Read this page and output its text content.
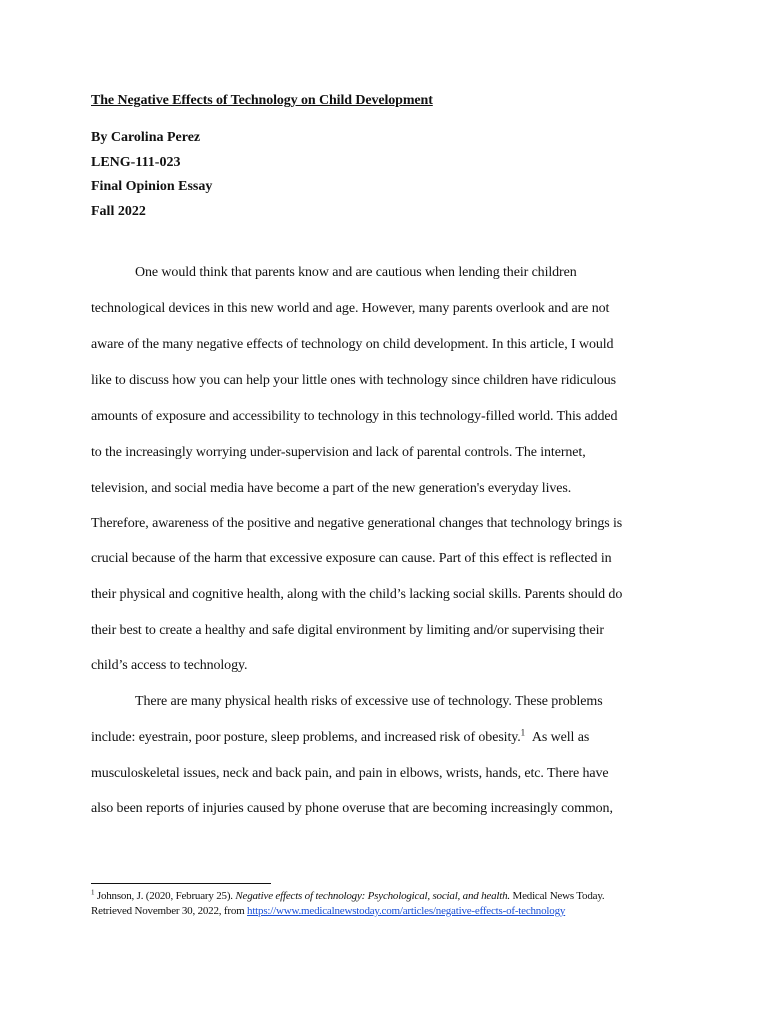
The Negative Effects of Technology on Child Development
By Carolina Perez
LENG-111-023
Final Opinion Essay
Fall 2022
One would think that parents know and are cautious when lending their children
technological devices in this new world and age. However, many parents overlook and are not
aware of the many negative effects of technology on child development. In this article, I would
like to discuss how you can help your little ones with technology since children have ridiculous
amounts of exposure and accessibility to technology in this technology-filled world. This added
to the increasingly worrying under-supervision and lack of parental controls. The internet,
television, and social media have become a part of the new generation's everyday lives.
Therefore, awareness of the positive and negative generational changes that technology brings is
crucial because of the harm that excessive exposure can cause. Part of this effect is reflected in
their physical and cognitive health, along with the child’s lacking social skills. Parents should do
their best to create a healthy and safe digital environment by limiting and/or supervising their
child’s access to technology.
There are many physical health risks of excessive use of technology. These problems
include: eyestrain, poor posture, sleep problems, and increased risk of obesity.$^1$ As well as
musculoskeletal issues, neck and back pain, and pain in elbows, wrists, hands, etc. There have
also been reports of injuries caused by phone overuse that are becoming increasingly common,
$^1$ Johnson, J. (2020, February 25). Negative effects of technology: Psychological, social, and health. Medical News Today.
Retrieved November 30, 2022, from https://www.medicalnewstoday.com/articles/negative-effects-of-technology
